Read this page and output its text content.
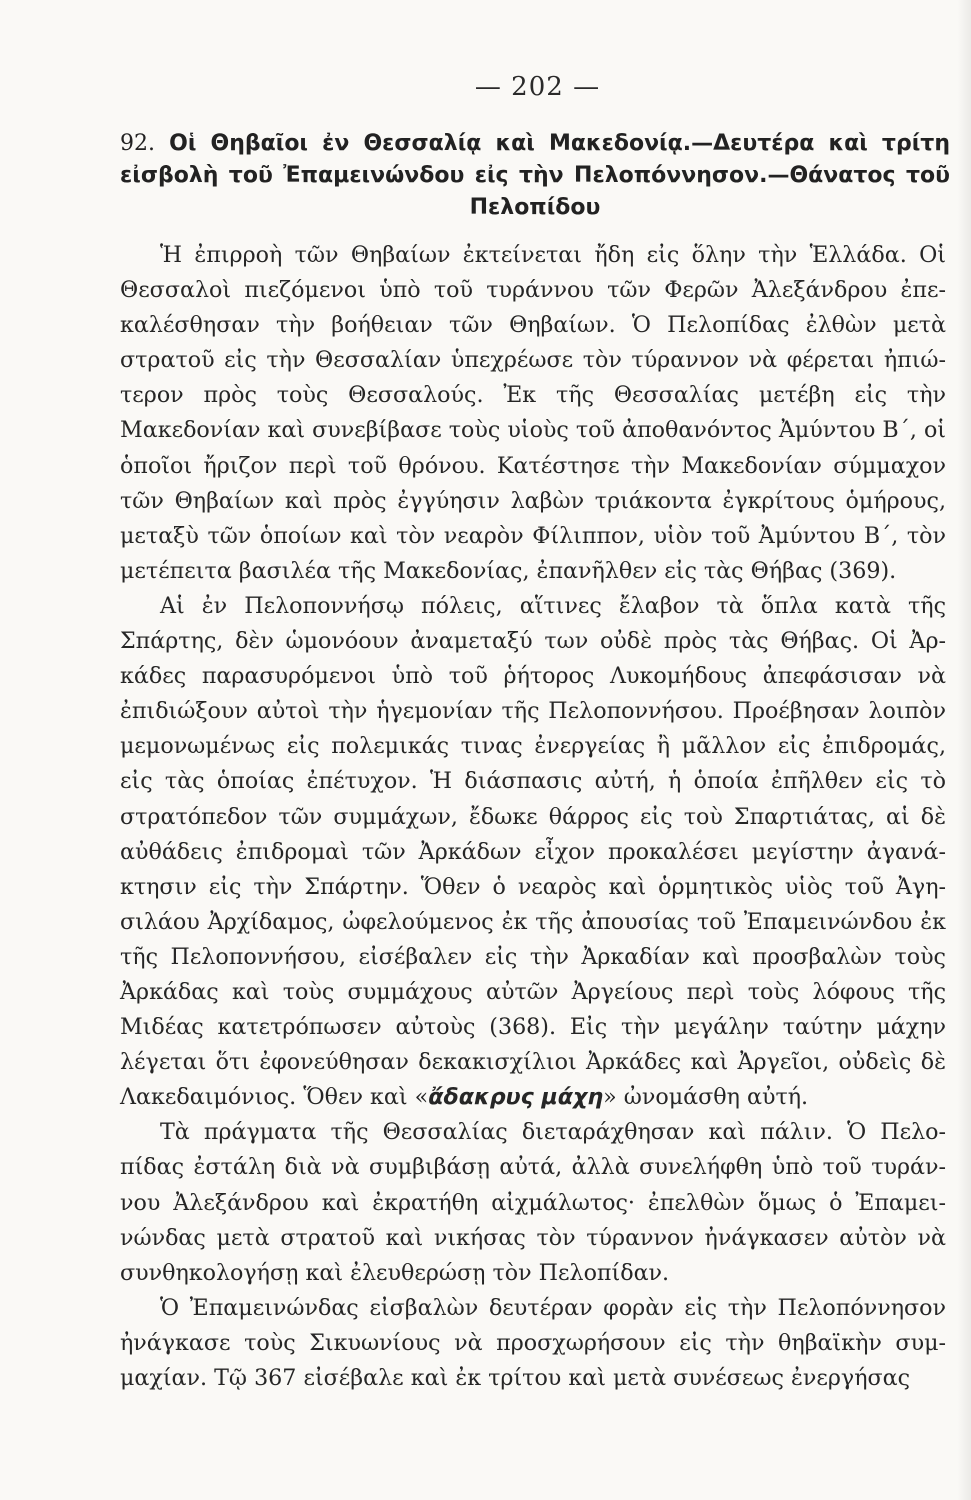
— 202 —
92. Οἱ Θηβαῖοι ἐν Θεσσαλίᾳ καὶ Μακεδονίᾳ.—Δευτέρα καὶ τρίτη εἰσβολὴ τοῦ Ἐπαμεινώνδου εἰς τὴν Πελοπόννησον.—Θάνατος τοῦ Πελοπίδου

Ἡ ἐπιρροὴ τῶν Θηβαίων ἐκτείνεται ἤδη εἰς ὅλην τὴν Ἑλλάδα. Οἱ Θεσσαλοὶ πιεζόμενοι ὑπὸ τοῦ τυράννου τῶν Φερῶν Ἀλεξάνδρου ἐπεκαλέσθησαν τὴν βοήθειαν τῶν Θηβαίων. Ὁ Πελοπίδας ἐλθὼν μετὰ στρατοῦ εἰς τὴν Θεσσαλίαν ὑπεχρέωσε τὸν τύραννον νὰ φέρεται ἠπιώτερον πρὸς τοὺς Θεσσαλούς. Ἐκ τῆς Θεσσαλίας μετέβη εἰς τὴν Μακεδονίαν καὶ συνεβίβασε τοὺς υἱοὺς τοῦ ἀποθανόντος Ἀμύντου Β΄, οἱ ὁποῖοι ἤριζον περὶ τοῦ θρόνου. Κατέστησε τὴν Μακεδονίαν σύμμαχον τῶν Θηβαίων καὶ πρὸς ἐγγύησιν λαβὼν τριάκοντα ἐγκρίτους ὁμήρους, μεταξὺ τῶν ὁποίων καὶ τὸν νεαρὸν Φίλιππον, υἱὸν τοῦ Ἀμύντου Β΄, τὸν μετέπειτα βασιλέα τῆς Μακεδονίας, ἐπανῆλθεν εἰς τὰς Θήβας (369).

Αἱ ἐν Πελοποννήσῳ πόλεις, αἵτινες ἔλαβον τὰ ὅπλα κατὰ τῆς Σπάρτης, δὲν ὡμονόουν ἀναμεταξύ των οὐδὲ πρὸς τὰς Θήβας. Οἱ Ἀρκάδες παρασυρόμενοι ὑπὸ τοῦ ῥήτορος Λυκομήδους ἀπεφάσισαν νὰ ἐπιδιώξουν αὐτοὶ τὴν ἡγεμονίαν τῆς Πελοποννήσου. Προέβησαν λοιπὸν μεμονωμένως εἰς πολεμικάς τινας ἐνεργείας ἢ μᾶλλον εἰς ἐπιδρομάς, εἰς τὰς ὁποίας ἐπέτυχον. Ἡ διάσπασις αὐτή, ἡ ὁποία ἐπῆλθεν εἰς τὸ στρατόπεδον τῶν συμμάχων, ἔδωκε θάρρος εἰς τοὺ Σπαρτιάτας, αἱ δὲ αὐθάδεις ἐπιδρομαὶ τῶν Ἀρκάδων εἶχον προκαλέσει μεγίστην ἀγανάκτησιν εἰς τὴν Σπάρτην. Ὅθεν ὁ νεαρὸς καὶ ὁρμητικὸς υἱὸς τοῦ Ἀγησιλάου Ἀρχίδαμος, ὠφελούμενος ἐκ τῆς ἀπουσίας τοῦ Ἐπαμεινώνδου ἐκ τῆς Πελοποννήσου, εἰσέβαλεν εἰς τὴν Ἀρκαδίαν καὶ προσβαλὼν τοὺς Ἀρκάδας καὶ τοὺς συμμάχους αὐτῶν Ἀργείους περὶ τοὺς λόφους τῆς Μιδέας κατετρόπωσεν αὐτοὺς (368). Εἰς τὴν μεγάλην ταύτην μάχην λέγεται ὅτι ἐφονεύθησαν δεκακισχίλιοι Ἀρκάδες καὶ Ἀργεῖοι, οὐδεὶς δὲ Λακεδαιμόνιος. Ὅθεν καὶ «ἄδακρυς μάχη» ὠνομάσθη αὐτή.

Τὰ πράγματα τῆς Θεσσαλίας διεταράχθησαν καὶ πάλιν. Ὁ Πελοπίδας ἐστάλη διὰ νὰ συμβιβάσῃ αὐτά, ἀλλὰ συνελήφθη ὑπὸ τοῦ τυράννου Ἀλεξάνδρου καὶ ἐκρατήθη αἰχμάλωτος· ἐπελθὼν ὅμως ὁ Ἐπαμεινώνδας μετὰ στρατοῦ καὶ νικήσας τὸν τύραννον ἠνάγκασεν αὐτὸν νὰ συνθηκολογήσῃ καὶ ἐλευθερώσῃ τὸν Πελοπίδαν.

Ὁ Ἐπαμεινώνδας εἰσβαλὼν δευτέραν φορὰν εἰς τὴν Πελοπόννησον ἠνάγκασε τοὺς Σικυωνίους νὰ προσχωρήσουν εἰς τὴν θηβαϊκὴν συμμαχίαν. Τῷ 367 εἰσέβαλε καὶ ἐκ τρίτου καὶ μετὰ συνέσεως ἐνεργήσας
